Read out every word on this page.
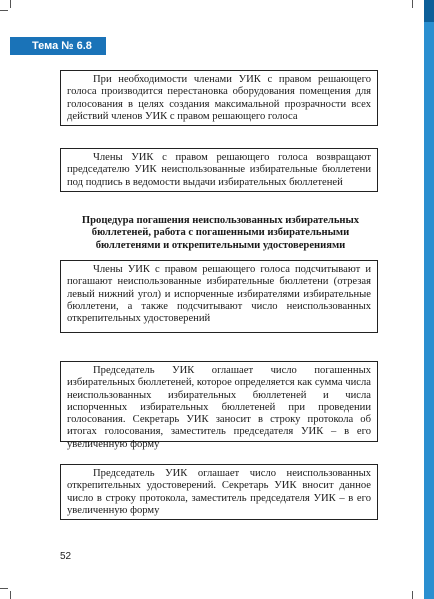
Тема № 6.8
При необходимости членами УИК с правом решающего голоса производится перестановка оборудования помещения для голосования в целях создания максимальной прозрачности всех действий членов УИК с правом решающего голоса
Члены УИК с правом решающего голоса возвращают председателю УИК неиспользованные избирательные бюллетени под подпись в ведомости выдачи избирательных бюллетеней
Процедура погашения неиспользованных избирательных бюллетеней, работа с погашенными избирательными бюллетенями и открепительными удостоверениями
Члены УИК с правом решающего голоса подсчитывают и погашают неиспользованные избирательные бюллетени (отрезая левый нижний угол) и испорченные избирателями избирательные бюллетени, а также подсчитывают число неиспользованных открепительных удостоверений
Председатель УИК оглашает число погашенных избирательных бюллетеней, которое определяется как сумма числа неиспользованных избирательных бюллетеней и числа испорченных избирательных бюллетеней при проведении голосования. Секретарь УИК заносит в строку протокола об итогах голосования, заместитель председателя УИК – в его увеличенную форму
Председатель УИК оглашает число неиспользованных открепительных удостоверений. Секретарь УИК вносит данное число в строку протокола, заместитель председателя УИК – в его увеличенную форму
52
